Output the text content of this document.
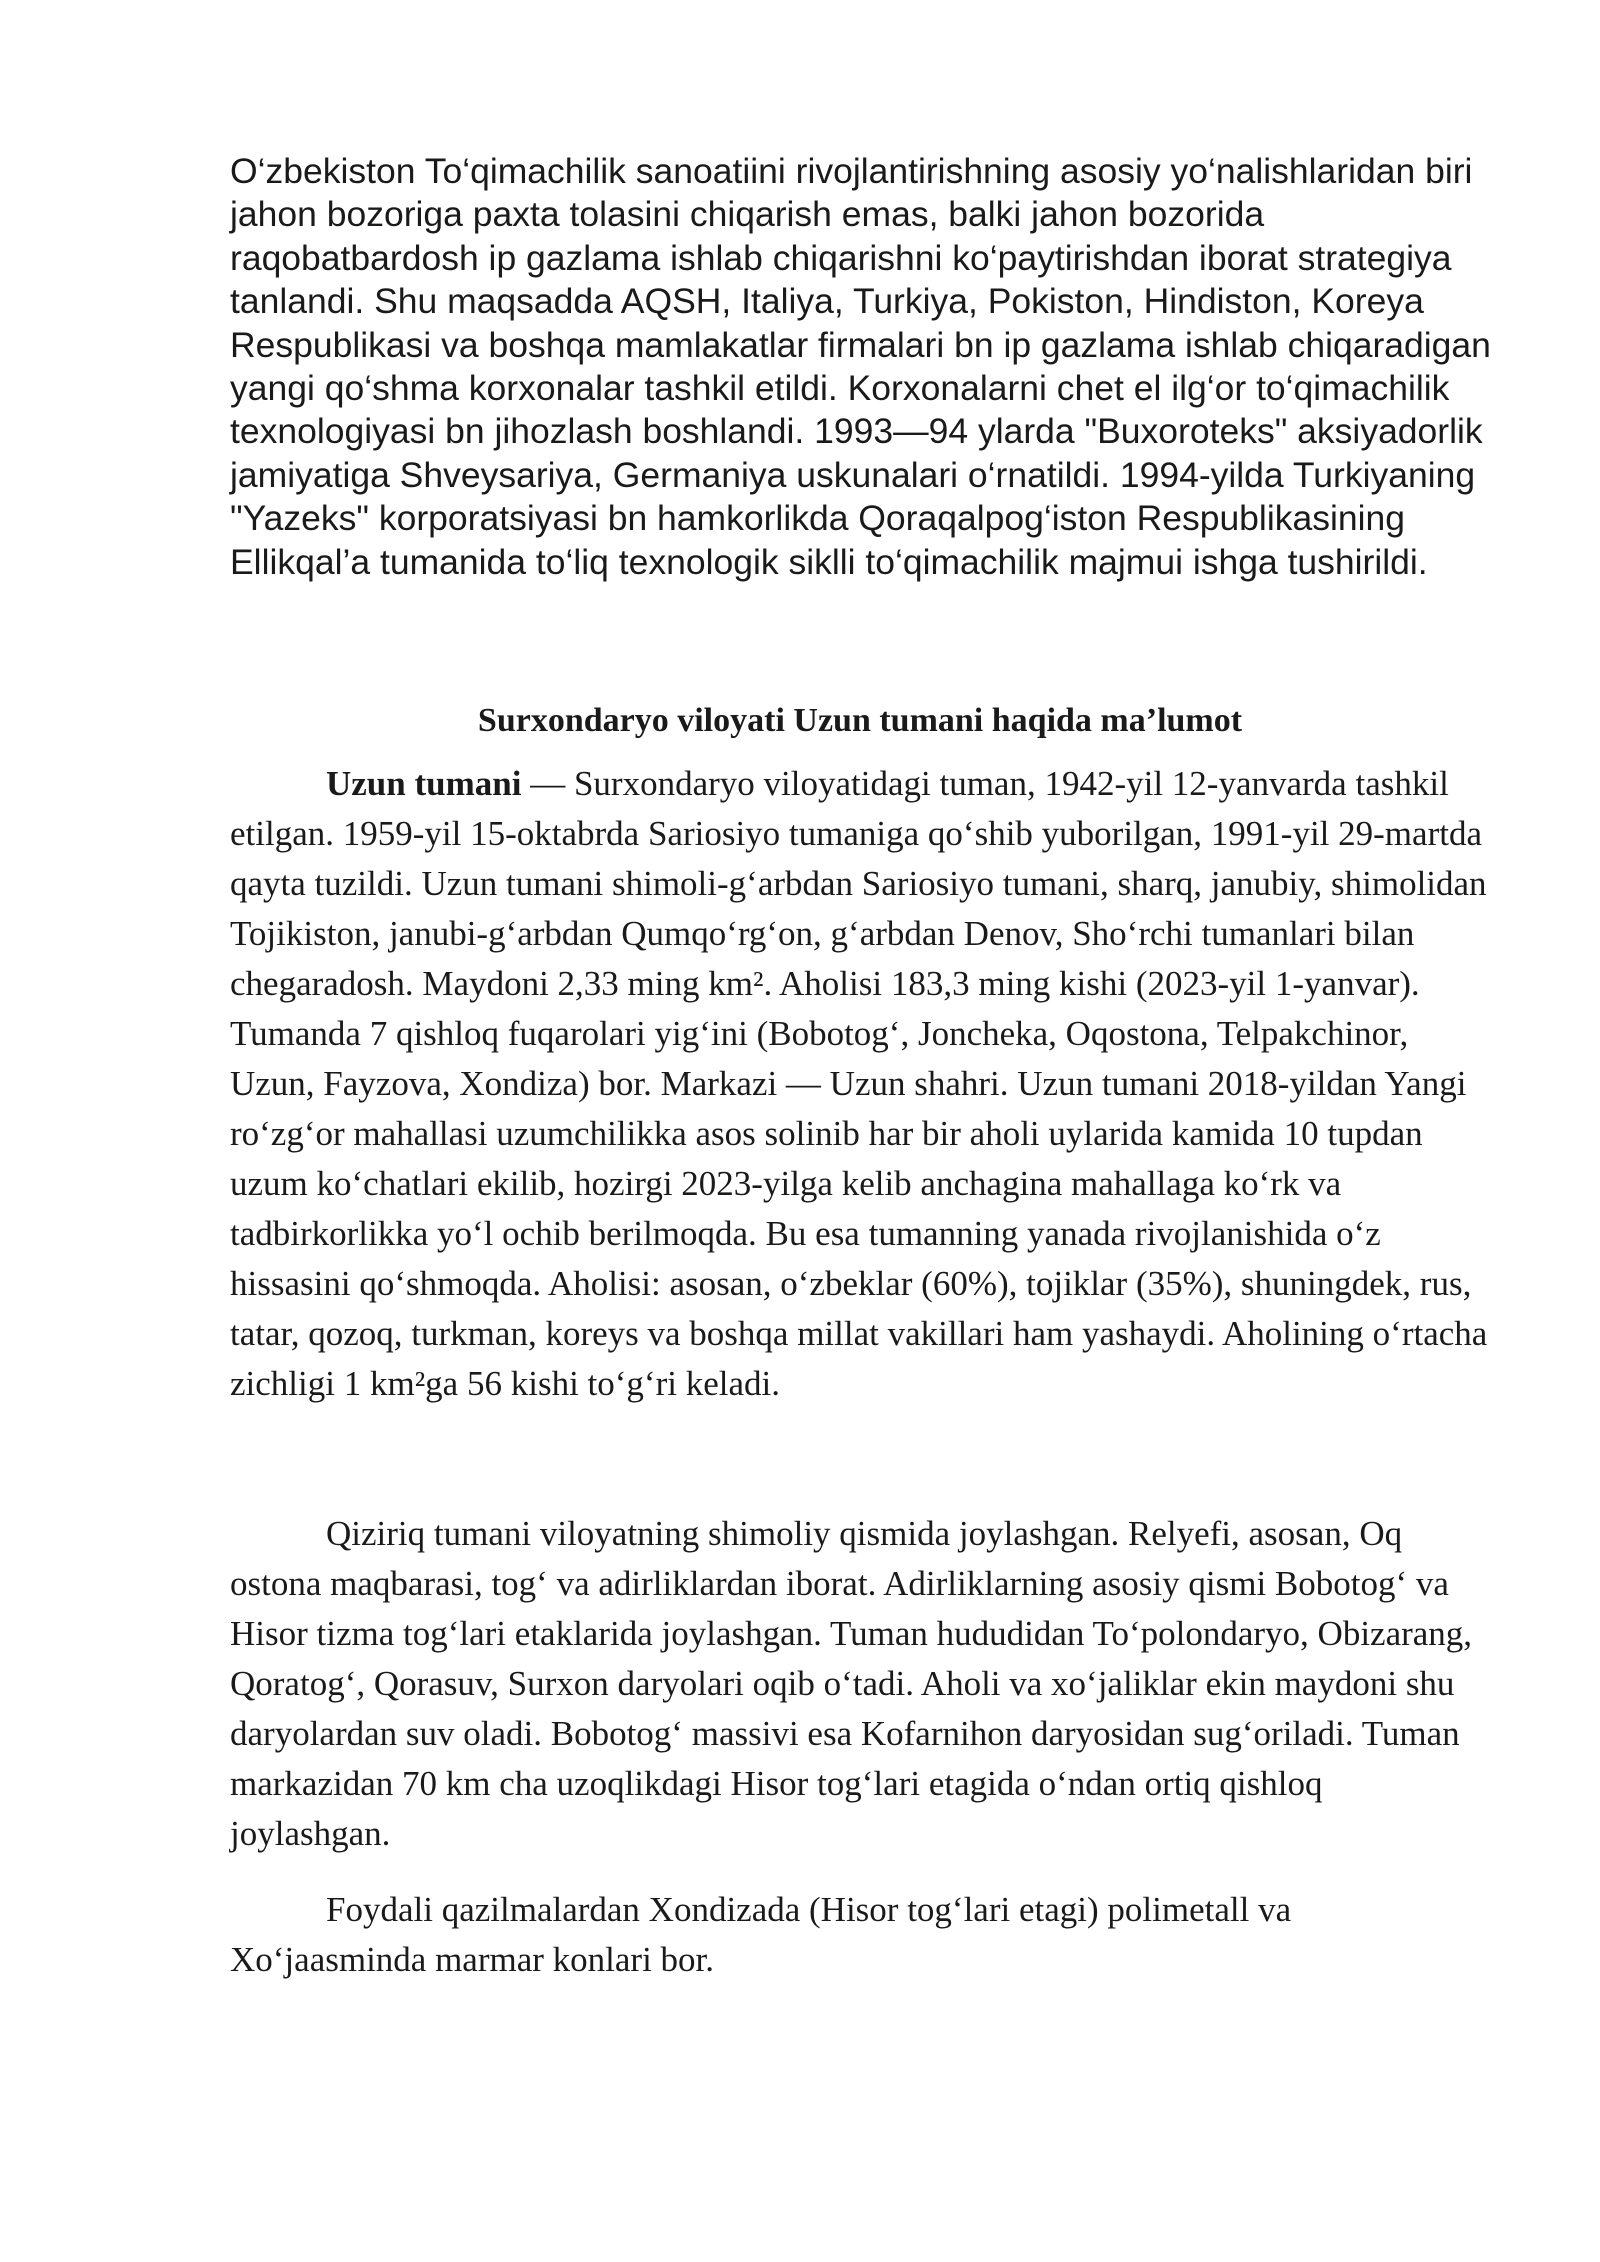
O‘zbekiston To‘qimachilik sanoatiini rivojlantirishning asosiy yo‘nalishlaridan biri jahon bozoriga paxta tolasini chiqarish emas, balki jahon bozorida raqobatbardosh ip gazlama ishlab chiqarishni ko‘paytirishdan iborat strategiya tanlandi. Shu maqsadda AQSH, Italiya, Turkiya, Pokiston, Hindiston, Koreya Respublikasi va boshqa mamlakatlar firmalari bn ip gazlama ishlab chiqaradigan yangi qo‘shma korxonalar tashkil etildi. Korxonalarni chet el ilg‘or to‘qimachilik texnologiyasi bn jihozlash boshlandi. 1993—94 ylarda "Buxoroteks" aksiyadorlik jamiyatiga Shveysariya, Germaniya uskunalari o‘rnatildi. 1994-yilda Turkiyaning "Yazeks" korporatsiyasi bn hamkorlikda Qoraqalpog‘iston Respublikasining Ellikqal’a tumanida to‘liq texnologik siklli to‘qimachilik majmui ishga tushirildi.

Surxondaryo viloyati Uzun tumani haqida ma’lumot

Uzun tumani — Surxondaryo viloyatidagi tuman, 1942-yil 12-yanvarda tashkil etilgan. 1959-yil 15-oktabrda Sariosiyo tumaniga qo‘shib yuborilgan, 1991-yil 29-martda qayta tuzildi. Uzun tumani shimoli-g‘arbdan Sariosiyo tumani, sharq, janubiy, shimolidan Tojikiston, janubi-g‘arbdan Qumqo‘rg‘on, g‘arbdan Denov, Sho‘rchi tumanlari bilan chegaradosh. Maydoni 2,33 ming km². Aholisi 183,3 ming kishi (2023-yil 1-yanvar). Tumanda 7 qishloq fuqarolari yig‘ini (Bobotog‘, Joncheka, Oqostona, Telpakchinor, Uzun, Fayzova, Xondiza) bor. Markazi — Uzun shahri. Uzun tumani 2018-yildan Yangi ro‘zg‘or mahallasi uzumchilikka asos solinib har bir aholi uylarida kamida 10 tupdan uzum ko‘chatlari ekilib, hozirgi 2023-yilga kelib anchagina mahallaga ko‘rk va tadbirkorlikka yo‘l ochib berilmoqda. Bu esa tumanning yanada rivojlanishida o‘z hissasini qo‘shmoqda. Aholisi: asosan, o‘zbeklar (60%), tojiklar (35%), shuningdek, rus, tatar, qozoq, turkman, koreys va boshqa millat vakillari ham yashaydi. Aholining o‘rtacha zichligi 1 km²ga 56 kishi to‘g‘ri keladi.

Qiziriq tumani viloyatning shimoliy qismida joylashgan. Relyefi, asosan, Oq ostona maqbarasi, tog‘ va adirliklardan iborat. Adirliklarning asosiy qismi Bobotog‘ va Hisor tizma tog‘lari etaklarida joylashgan. Tuman hududidan To‘polondaryo, Obizarang, Qoratog‘, Qorasuv, Surxon daryolari oqib o‘tadi. Aholi va xo‘jaliklar ekin maydoni shu daryolardan suv oladi. Bobotog‘ massivi esa Kofarnihon daryosidan sug‘oriladi. Tuman markazidan 70 km cha uzoqlikdagi Hisor tog‘lari etagida o‘ndan ortiq qishloq joylashgan.

Foydali qazilmalardan Xondizada (Hisor tog‘lari etagi) polimetall va Xo‘jaasminda marmar konlari bor.
